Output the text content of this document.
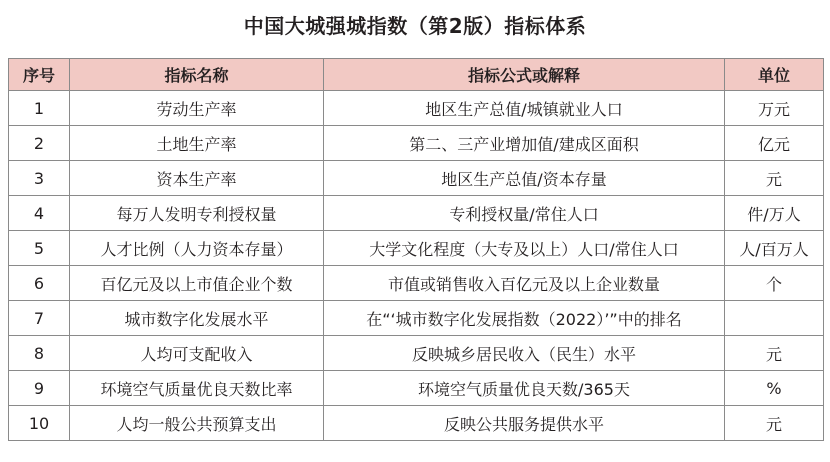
中国大城强城指数（第2版）指标体系
序号	指标名称	指标公式或解释	单位
1	劳动生产率	地区生产总值/城镇就业人口	万元
2	土地生产率	第二、三产业增加值/建成区面积	亿元
3	资本生产率	地区生产总值/资本存量	元
4	每万人发明专利授权量	专利授权量/常住人口	件/万人
5	人才比例（人力资本存量）	大学文化程度（大专及以上）人口/常住人口	人/百万人
6	百亿元及以上市值企业个数	市值或销售收入百亿元及以上企业数量	个
7	城市数字化发展水平	在“‘城市数字化发展指数（2022）’”中的排名	
8	人均可支配收入	反映城乡居民收入（民生）水平	元
9	环境空气质量优良天数比率	环境空气质量优良天数/365天	%
10	人均一般公共预算支出	反映公共服务提供水平	元
